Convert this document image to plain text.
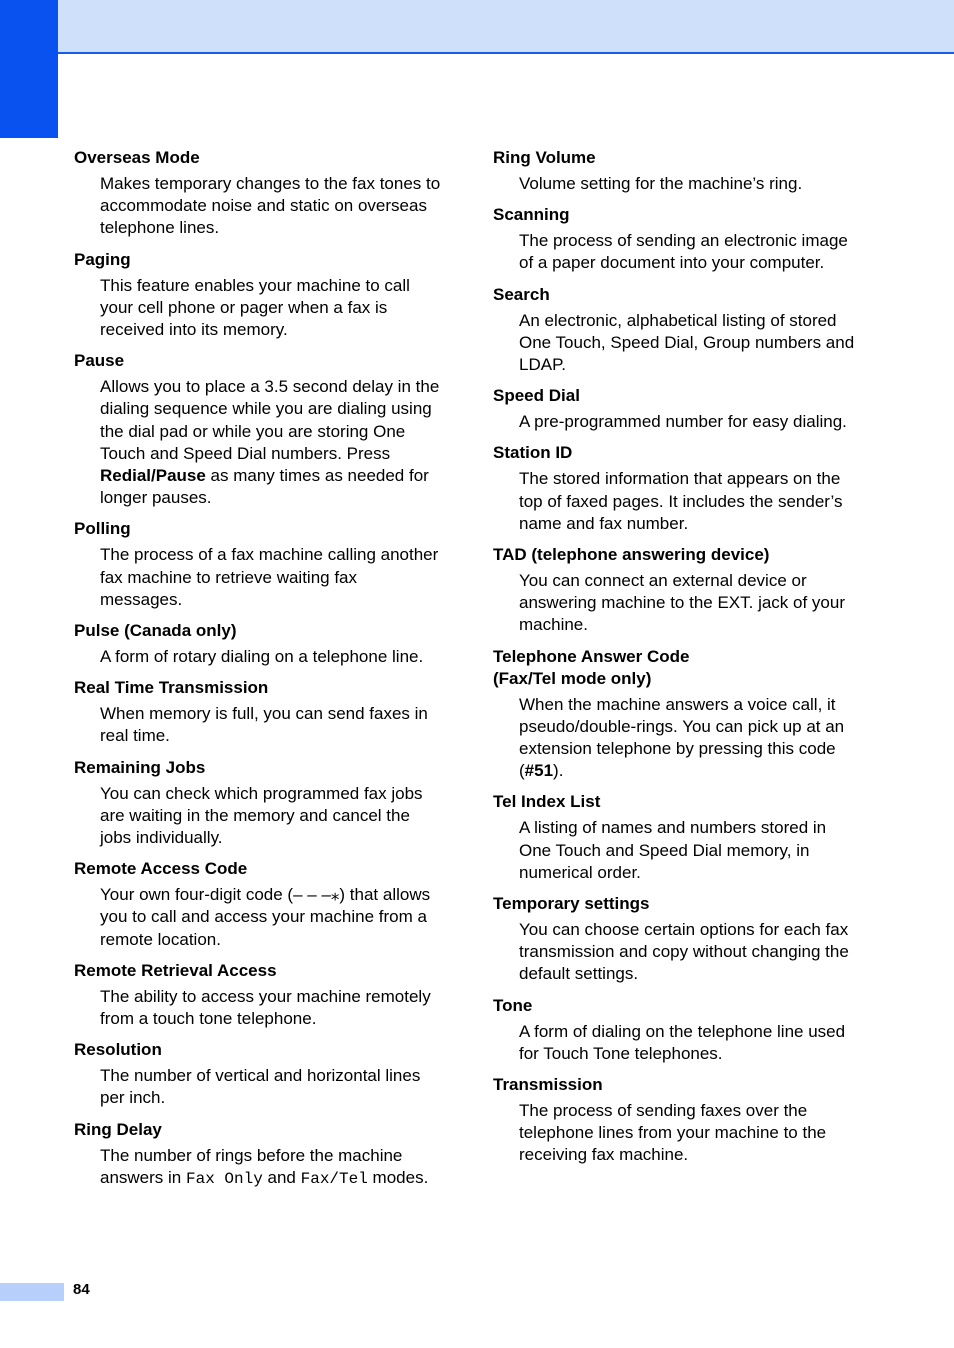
Overseas Mode

Makes temporary changes to the fax tones to accommodate noise and static on overseas telephone lines.

Paging

This feature enables your machine to call your cell phone or pager when a fax is received into its memory.

Pause

Allows you to place a 3.5 second delay in the dialing sequence while you are dialing using the dial pad or while you are storing One Touch and Speed Dial numbers. Press Redial/Pause as many times as needed for longer pauses.

Polling

The process of a fax machine calling another fax machine to retrieve waiting fax messages.

Pulse (Canada only)

A form of rotary dialing on a telephone line.

Real Time Transmission

When memory is full, you can send faxes in real time.

Remaining Jobs

You can check which programmed fax jobs are waiting in the memory and cancel the jobs individually.

Remote Access Code

Your own four-digit code (– – –⁎) that allows you to call and access your machine from a remote location.

Remote Retrieval Access

The ability to access your machine remotely from a touch tone telephone.

Resolution

The number of vertical and horizontal lines per inch.

Ring Delay

The number of rings before the machine answers in Fax Only and Fax/Tel modes.

Ring Volume

Volume setting for the machine’s ring.

Scanning

The process of sending an electronic image of a paper document into your computer.

Search

An electronic, alphabetical listing of stored One Touch, Speed Dial, Group numbers and LDAP.

Speed Dial

A pre-programmed number for easy dialing.

Station ID

The stored information that appears on the top of faxed pages. It includes the sender’s name and fax number.

TAD (telephone answering device)

You can connect an external device or answering machine to the EXT. jack of your machine.

Telephone Answer Code
(Fax/Tel mode only)

When the machine answers a voice call, it pseudo/double-rings. You can pick up at an extension telephone by pressing this code (#51).

Tel Index List

A listing of names and numbers stored in One Touch and Speed Dial memory, in numerical order.

Temporary settings

You can choose certain options for each fax transmission and copy without changing the default settings.

Tone

A form of dialing on the telephone line used for Touch Tone telephones.

Transmission

The process of sending faxes over the telephone lines from your machine to the receiving fax machine.

84
